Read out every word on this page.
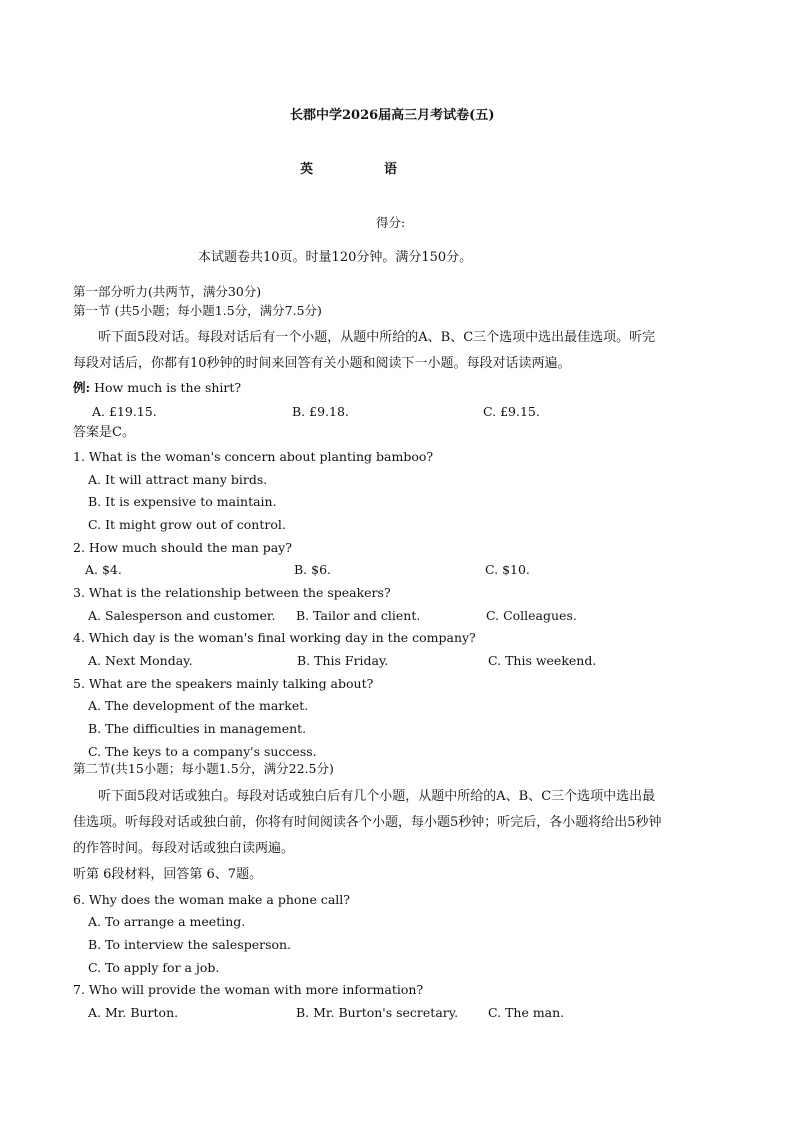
长郡中学2026届高三月考试卷(五)
英	语
得分:
本试题卷共10页。时量120分钟。满分150分。
第一部分听力(共两节，满分30分)
第一节 (共5小题；每小题1.5分，满分7.5分)
听下面5段对话。每段对话后有一个小题，从题中所给的A、B、C三个选项中选出最佳选项。听完
每段对话后，你都有10秒钟的时间来回答有关小题和阅读下一小题。每段对话读两遍。
例: How much is the shirt?
A. £19.15.	B. £9.18.	C. £9.15.
答案是C。
1. What is the woman's concern about planting bamboo?
A. It will attract many birds.
B. It is expensive to maintain.
C. It might grow out of control.
2. How much should the man pay?
A. $4.	B. $6.	C. $10.
3. What is the relationship between the speakers?
A. Salesperson and customer. B. Tailor and client.	C. Colleagues.
4. Which day is the woman's final working day in the company?
A. Next Monday.	B. This Friday.	C. This weekend.
5. What are the speakers mainly talking about?
A. The development of the market.
B. The difficulties in management.
C. The keys to a company's success.
第二节(共15小题；每小题1.5分，满分22.5分)
听下面5段对话或独白。每段对话或独白后有几个小题，从题中所给的A、B、C三个选项中选出最
佳选项。听每段对话或独白前，你将有时间阅读各个小题，每小题5秒钟；听完后，各小题将给出5秒钟
的作答时间。每段对话或独白读两遍。
听第 6段材料，回答第 6、7题。
6. Why does the woman make a phone call?
A. To arrange a meeting.
B. To interview the salesperson.
C. To apply for a job.
7. Who will provide the woman with more information?
A. Mr. Burton.	B. Mr. Burton's secretary. C. The man.
